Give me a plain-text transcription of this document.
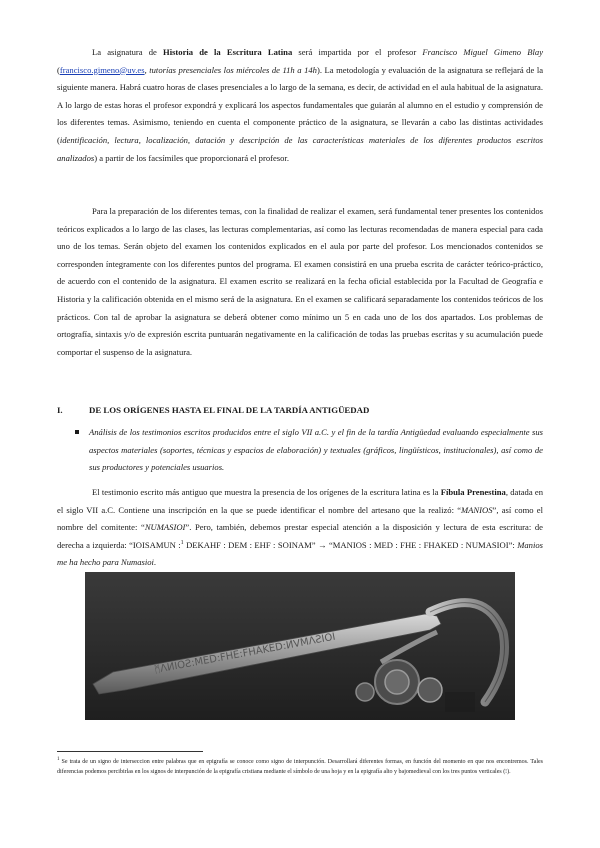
La asignatura de Historia de la Escritura Latina será impartida por el profesor Francisco Miguel Gimeno Blay (francisco.gimeno@uv.es, tutorías presenciales los miércoles de 11h a 14h). La metodología y evaluación de la asignatura se reflejará de la siguiente manera. Habrá cuatro horas de clases presenciales a lo largo de la semana, es decir, de actividad en el aula habitual de la asignatura. A lo largo de estas horas el profesor expondrá y explicará los aspectos fundamentales que guiarán al alumno en el estudio y comprensión de los diferentes temas. Asimismo, teniendo en cuenta el componente práctico de la asignatura, se llevarán a cabo las distintas actividades (identificación, lectura, localización, datación y descripción de las características materiales de los diferentes productos escritos analizados) a partir de los facsímiles que proporcionará el profesor.
Para la preparación de los diferentes temas, con la finalidad de realizar el examen, será fundamental tener presentes los contenidos teóricos explicados a lo largo de las clases, las lecturas complementarias, así como las lecturas recomendadas de manera especial para cada uno de los temas. Serán objeto del examen los contenidos explicados en el aula por parte del profesor. Los mencionados contenidos se corresponden íntegramente con los diferentes puntos del programa. El examen consistirá en una prueba escrita de carácter teórico-práctico, de acuerdo con el contenido de la asignatura. El examen escrito se realizará en la fecha oficial establecida por la Facultad de Geografía e Historia y la calificación obtenida en el mismo será de la asignatura. En el examen se calificará separadamente los contenidos teóricos de los prácticos. Con tal de aprobar la asignatura se deberá obtener como mínimo un 5 en cada uno de los dos apartados. Los problemas de ortografía, sintaxis y/o de expresión escrita puntuarán negativamente en la calificación de todas las pruebas escritas y su acumulación puede comportar el suspenso de la asignatura.
I.	DE LOS ORÍGENES HASTA EL FINAL DE LA TARDÍA ANTIGÜEDAD
Análisis de los testimonios escritos producidos entre el siglo VII a.C. y el fin de la tardía Antigüedad evaluando especialmente sus aspectos materiales (soportes, técnicas y espacios de elaboración) y textuales (gráficos, lingüísticos, institucionales), así como de sus productores y potenciales usuarios.
El testimonio escrito más antiguo que muestra la presencia de los orígenes de la escritura latina es la Fíbula Prenestina, datada en el siglo VII a.C. Contiene una inscripción en la que se puede identificar el nombre del artesano que la realizó: “MANIOS”, así como el nombre del comitente: “NUMASIOI”. Pero, también, debemos prestar especial atención a la disposición y lectura de esta escritura: de derecha a izquierda: “IOISAMUN :$^1$ DEKAHF : DEM : EHF : SOINAM” → “MANIOS : MED : FHE : FHAKED : NUMASIOI”: Manios me ha hecho para Numasioi.
ᛗΛИIOƧ:MED:FHE:FHAKED:ИVMΛƧIOI
$^1$ Se trata de un signo de interseccion entre palabras que en epigrafía se conoce como signo de interpunción. Desarrollará diferentes formas, en función del momento en que nos encontremos. Tales diferencias podemos percibirlas en los signos de interpunción de la epigrafía cristiana mediante el símbolo de una hoja y en la epigrafía alto y bajomedieval con los tres puntos verticales (⁝).
